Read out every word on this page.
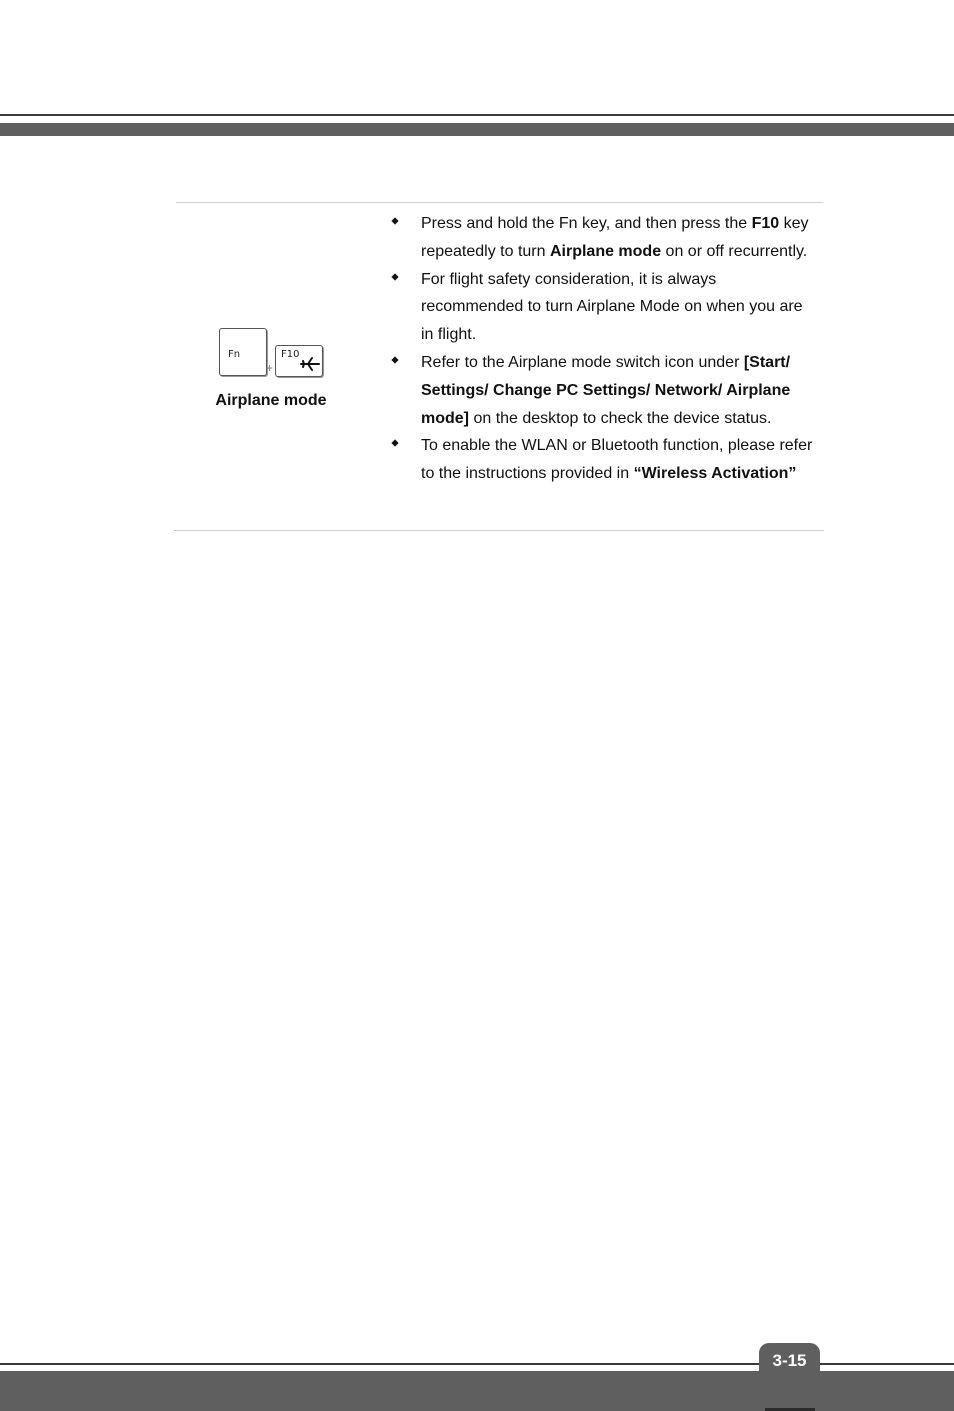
Fn
+
F10
Airplane mode
Press and hold the Fn key, and then press the F10 key repeatedly to turn Airplane mode on or off recurrently.
For flight safety consideration, it is always recommended to turn Airplane Mode on when you are in flight.
Refer to the Airplane mode switch icon under [Start/ Settings/ Change PC Settings/ Network/ Airplane mode] on the desktop to check the device status.
To enable the WLAN or Bluetooth function, please refer to the instructions provided in “Wireless Activation”
3-15
